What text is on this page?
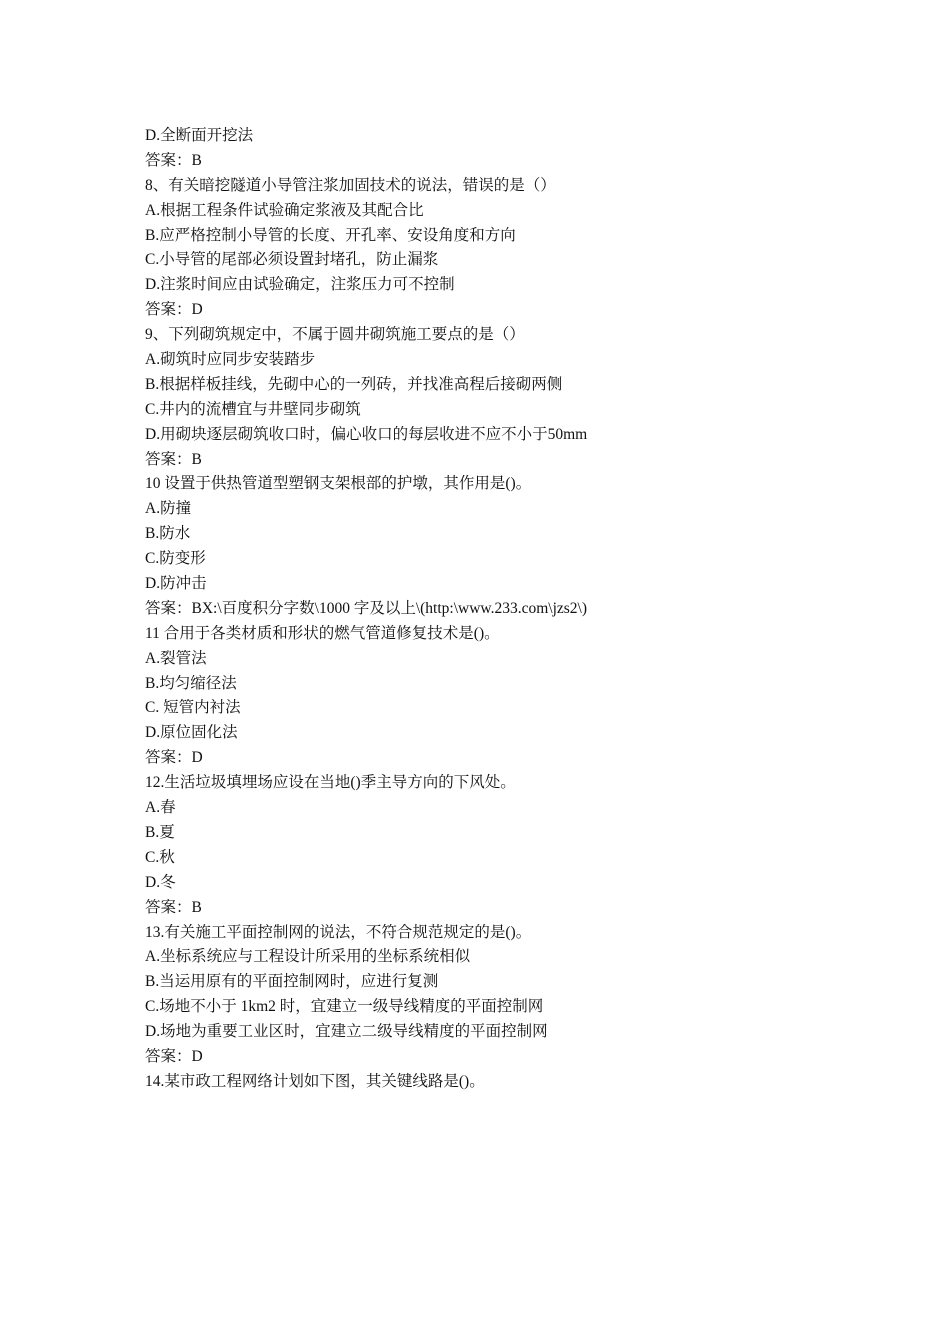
D.全断面开挖法
答案：B
8、有关暗挖隧道小导管注浆加固技术的说法，错误的是（）
A.根据工程条件试验确定浆液及其配合比
B.应严格控制小导管的长度、开孔率、安设角度和方向
C.小导管的尾部必须设置封堵孔，防止漏浆
D.注浆时间应由试验确定，注浆压力可不控制
答案：D
9、下列砌筑规定中，不属于圆井砌筑施工要点的是（）
A.砌筑时应同步安装踏步
B.根据样板挂线，先砌中心的一列砖，并找准高程后接砌两侧
C.井内的流槽宜与井壁同步砌筑
D.用砌块逐层砌筑收口时，偏心收口的每层收进不应不小于50mm
答案：B
10 设置于供热管道型塑钢支架根部的护墩，其作用是()。
A.防撞
B.防水
C.防变形
D.防冲击
答案：BX:\百度积分字数\1000 字及以上\(http:\www.233.com\jzs2\)
11 合用于各类材质和形状的燃气管道修复技术是()。
A.裂管法
B.均匀缩径法
C. 短管内衬法
D.原位固化法
答案：D
12.生活垃圾填埋场应设在当地()季主导方向的下风处。
A.春
B.夏
C.秋
D.冬
答案：B
13.有关施工平面控制网的说法，不符合规范规定的是()。
A.坐标系统应与工程设计所采用的坐标系统相似
B.当运用原有的平面控制网时，应进行复测
C.场地不小于 1km2 时，宜建立一级导线精度的平面控制网
D.场地为重要工业区时，宜建立二级导线精度的平面控制网
答案：D
14.某市政工程网络计划如下图，其关键线路是()。
